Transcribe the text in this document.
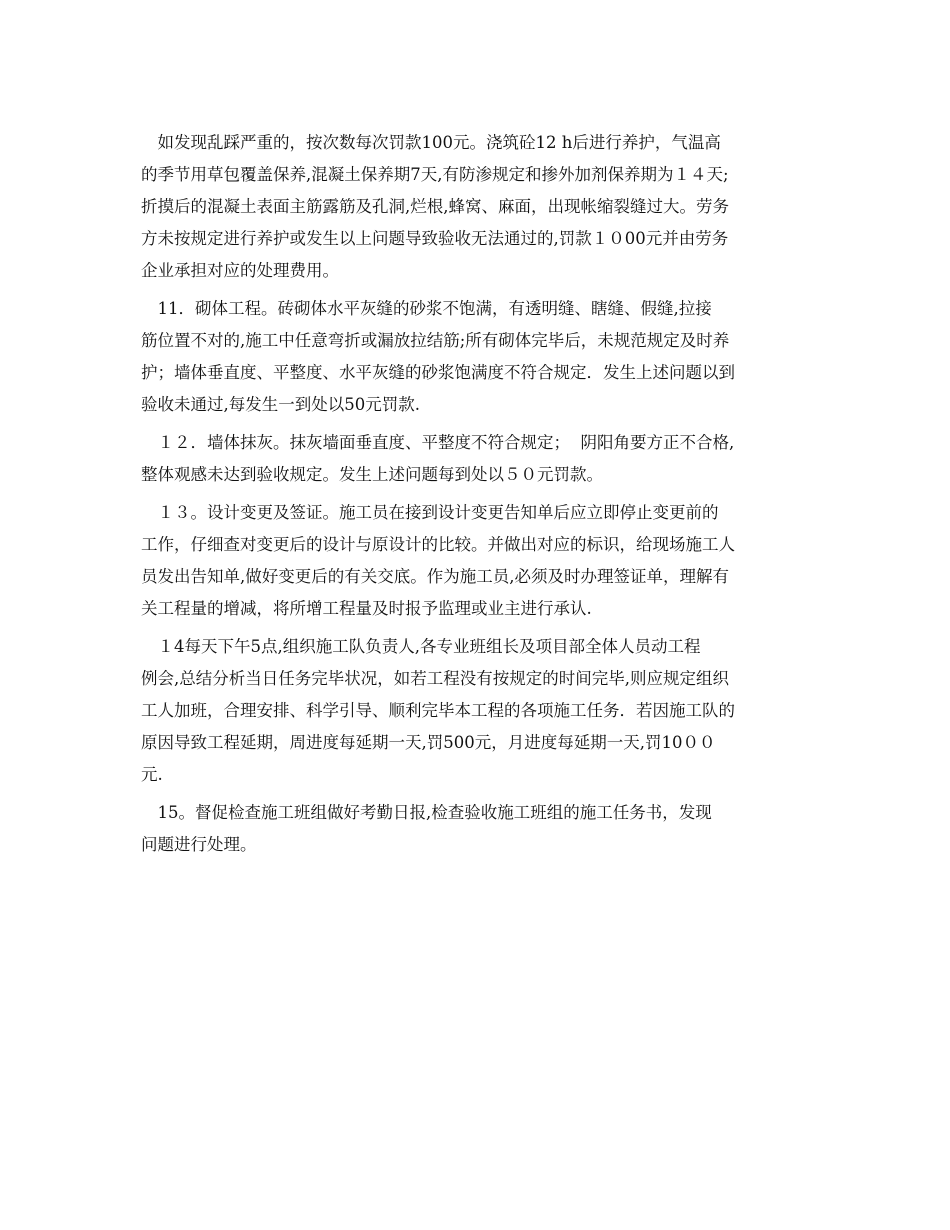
　如发现乱踩严重的，按次数每次罚款100元。浇筑砼12 h后进行养护，气温高
的季节用草包覆盖保养,混凝土保养期7天,有防渗规定和掺外加剂保养期为１４天;
折摸后的混凝土表面主筋露筋及孔洞,烂根,蜂窝、麻面，出现帐缩裂缝过大。劳务
方未按规定进行养护或发生以上问题导致验收无法通过的,罚款１０00元并由劳务
企业承担对应的处理费用。
　11．砌体工程。砖砌体水平灰缝的砂浆不饱满，有透明缝、瞎缝、假缝,拉接
筋位置不对的,施工中任意弯折或漏放拉结筋;所有砌体完毕后，未规范规定及时养
护；墙体垂直度、平整度、水平灰缝的砂浆饱满度不符合规定．发生上述问题以到
验收未通过,每发生一到处以50元罚款.
　１２．墙体抹灰。抹灰墙面垂直度、平整度不符合规定；  阴阳角要方正不合格,
整体观感未达到验收规定。发生上述问题每到处以５０元罚款。
　１３。设计变更及签证。施工员在接到设计变更告知单后应立即停止变更前的
工作，仔细查对变更后的设计与原设计的比较。并做出对应的标识，给现场施工人
员发出告知单,做好变更后的有关交底。作为施工员,必须及时办理签证单，理解有
关工程量的增减，将所增工程量及时报予监理或业主进行承认.
　１4每天下午5点,组织施工队负责人,各专业班组长及项目部全体人员动工程
例会,总结分析当日任务完毕状况，如若工程没有按规定的时间完毕,则应规定组织
工人加班，合理安排、科学引导、顺利完毕本工程的各项施工任务．若因施工队的
原因导致工程延期，周进度每延期一天,罚500元，月进度每延期一天,罚10００
元.
　15。督促检查施工班组做好考勤日报,检查验收施工班组的施工任务书，发现
问题进行处理。
